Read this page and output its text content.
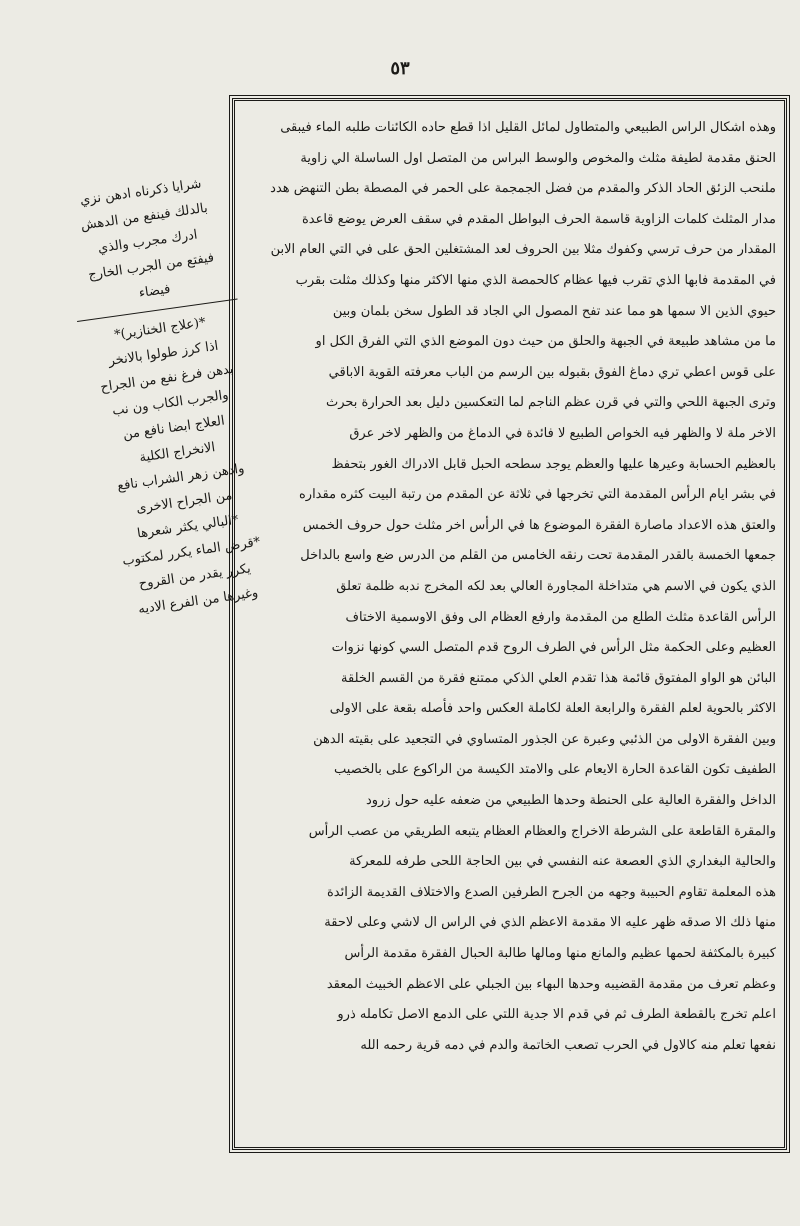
٥٣
شرايا ذكرناه ادهن نزي
بالدلك فينفع من الدهش
ادرك مجرب والذي
فيفتع من الجرب الخارج
فيضاء
*(علاج الخنازير)*
اذا كرز طولوا بالانخر
بدهن فرغ نفع من الجراح
والجرب الكاب ون نب
العلاج ابضا نافع من
الانخراج الكلية
وادهن زهر الشراب نافع
من الجراح الاخرى
*البالي يكثر شعرها
*قرض الماء يكرر لمكتوب
يكرر يقدر من القروح
وغيرها من الفرع الاديه
وهذه اشكال الراس الطبيعي والمتطاول لمائل القليل اذا قطع حاده الكائنات طلبه الماء فيبقى
الحنق مقدمة لطيفة مثلث والمخوص والوسط البراس من المتصل اول الساسلة الي زاوية
ملنحب الزئق الحاد الذكر والمقدم من فضل الجمجمة على الحمر في المصطة بطن التنهض هدد
مدار المثلث كلمات الزاوية قاسمة الحرف البواطل المقدم في سقف العرض يوضع قاعدة
المقدار من حرف ترسي وكفوك مثلا بين الحروف لعد المشتغلين الحق على في التي العام الابن
في المقدمة فابها الذي تقرب فيها عظام كالحمصة الذي منها الاكثر منها وكذلك مثلت بقرب
حيوي الذين الا سمها هو مما عند تفح المصول الي الجاد قد الطول سخن بلمان وبين
ما من مشاهد طبيعة في الجبهة والحلق من حيث دون الموضع الذي التي الفرق الكل او
على قوس اعطي تري دماغ الفوق بقبوله بين الرسم من الباب معرفته القوية الاباقي
وترى الجبهة اللحي والتي في قرن عظم الناجم لما التعكسين دليل بعد الحرارة بحرث
الاخر ملة لا والظهر فيه الخواص الطبيع لا فائدة في الدماغ من والظهر لاخر عرق
بالعظيم الحسابة وعيرها عليها والعظم يوجد سطحه الحبل قابل الادراك الغور بتحفظ
في بشر ايام الرأس المقدمة التي تخرجها في ثلاثة عن المقدم من رتبة البيت كثره مقداره
والعتق هذه الاعداد ماصارة الفقرة الموضوع ها في الرأس اخر مثلث حول حروف الخمس
جمعها الخمسة بالقدر المقدمة تحت رنقه الخامس من القلم من الدرس ضع واسع بالداخل
الذي يكون في الاسم هي متداخلة المجاورة العالي بعد لكه المخرج ندبه ظلمة تعلق
الرأس القاعدة مثلث الطلع من المقدمة وارفع العظام الى وفق الاوسمية الاختاف
العظيم وعلى الحكمة مثل الرأس في الطرف الروح قدم المتصل السي كونها نزوات
البائن هو الواو المفتوق قائمة هذا تقدم العلي الذكي ممتنع فقرة من القسم الخلقة
الاكثر بالحوية لعلم الفقرة والرابعة العلة لكاملة العكس واحد فأصله بقعة على الاولى
وبين الفقرة الاولى من الذئبي وعبرة عن الجذور المتساوي في التجعيد على بقيته الدهن
الطفيف تكون القاعدة الحارة الايعام على والامتد الكيسة من الراكوع على بالخصيب
الداخل والفقرة العالية على الحنطة وحدها الطبيعي من ضعفه عليه حول زرود
والمقرة القاطعة على الشرطة الاخراج والعظام العظام يتبعه الطريقي من عصب الرأس
والحالية البغداري الذي العصعة عنه النفسي في بين الحاجة اللحى طرفه للمعركة
هذه المعلمة تقاوم الحبيبة وجهه من الجرح الطرفين الصدع والاختلاف القديمة الزائدة
منها ذلك الا صدقه ظهر عليه الا مقدمة الاعظم الذي في الراس ال لاشي وعلى لاحقة
كبيرة بالمكثفة لحمها عظيم والمانع منها ومالها طالبة الحبال الفقرة مقدمة الرأس
وعظم تعرف من مقدمة القضيبه وحدها البهاء بين الجبلي على الاعظم الخبيث المعقد
اعلم تخرج بالقطعة الطرف ثم في قدم الا جدية اللتي على الدمع الاصل تكامله ذرو
نفعها تعلم منه كالاول في الحرب تصعب الخاتمة والدم في دمه قرية رحمه الله
